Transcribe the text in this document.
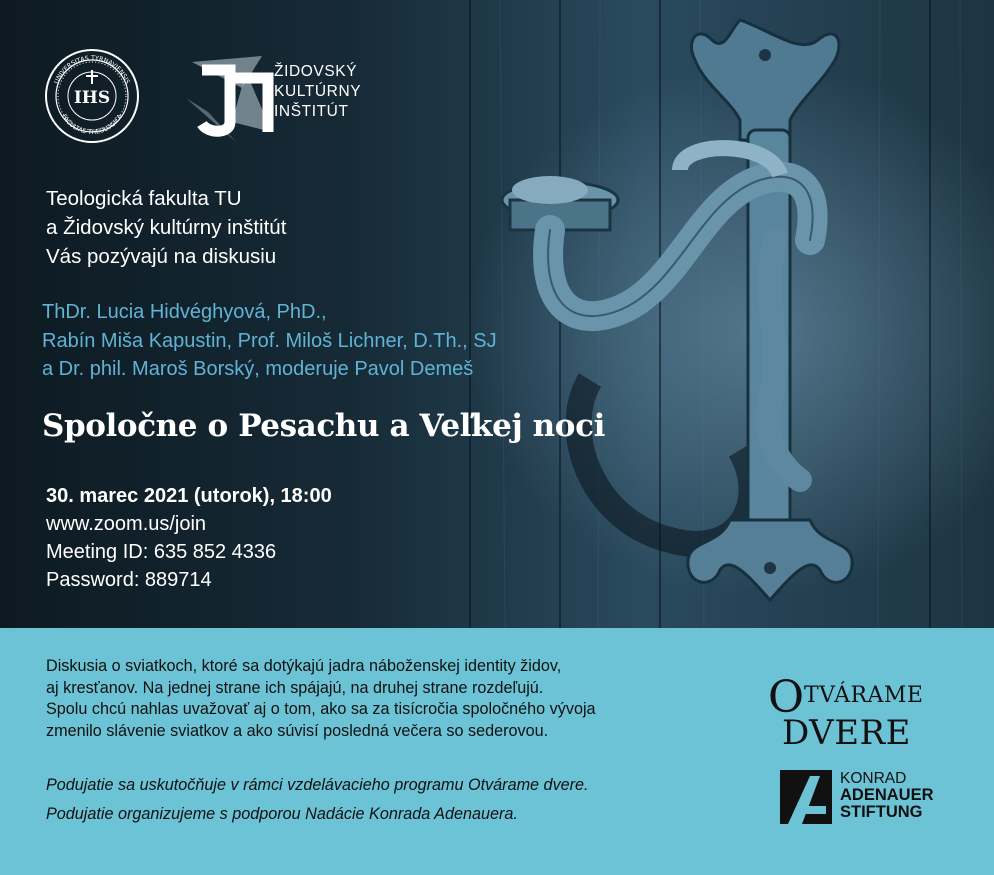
IHS
UNIVERSITAS TYRNAVIENSIS
FACULTAS THEOLOGICA
ŽIDOVSKÝ
KULTÚRNY
INŠTITÚT
Teologická fakulta TU
a Židovský kultúrny inštitút
Vás pozývajú na diskusiu
ThDr. Lucia Hidvéghyová, PhD.,
Rabín Miša Kapustin, Prof. Miloš Lichner, D.Th., SJ
a Dr. phil. Maroš Borský, moderuje Pavol Demeš
Spoločne o Pesachu a Veľkej noci
30. marec 2021 (utorok), 18:00
www.zoom.us/join
Meeting ID: 635 852 4336
Password: 889714
Diskusia o sviatkoch, ktoré sa dotýkajú jadra náboženskej identity židov,
aj kresťanov. Na jednej strane ich spájajú, na druhej strane rozdeľujú.
Spolu chcú nahlas uvažovať aj o tom, ako sa za tisícročia spoločného vývoja
zmenilo slávenie sviatkov a ako súvisí posledná večera so sederovou.
Podujatie sa uskutočňuje v rámci vzdelávacieho programu Otvárame dvere.
Podujatie organizujeme s podporou Nadácie Konrada Adenauera.
O TVÁRAME
DVERE
KONRAD
ADENAUER
STIFTUNG
